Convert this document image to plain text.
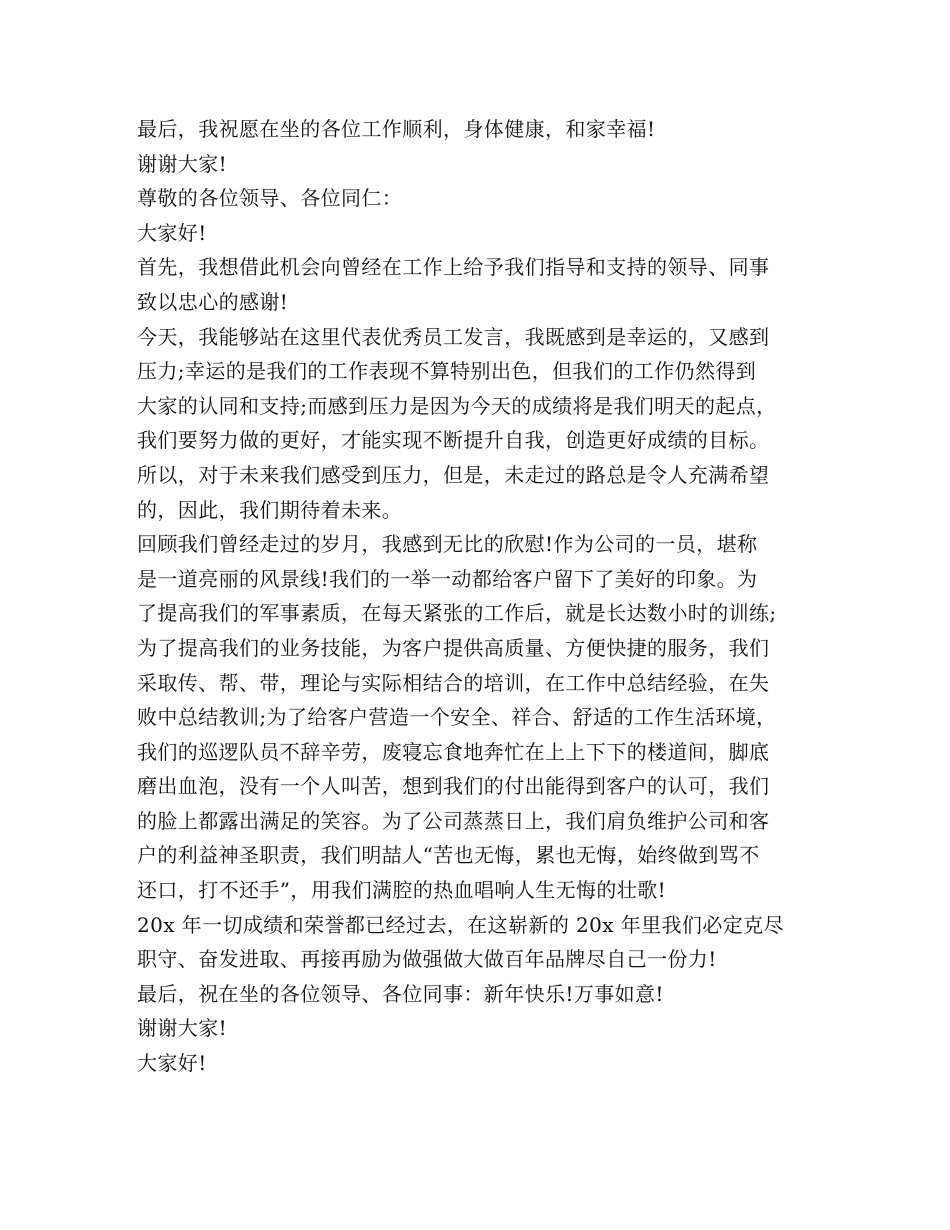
最后，我祝愿在坐的各位工作顺利，身体健康，和家幸福!
谢谢大家!
尊敬的各位领导、各位同仁：
大家好!
首先，我想借此机会向曾经在工作上给予我们指导和支持的领导、同事
致以忠心的感谢!
今天，我能够站在这里代表优秀员工发言，我既感到是幸运的，又感到
压力;幸运的是我们的工作表现不算特别出色，但我们的工作仍然得到
大家的认同和支持;而感到压力是因为今天的成绩将是我们明天的起点，
我们要努力做的更好，才能实现不断提升自我，创造更好成绩的目标。
所以，对于未来我们感受到压力，但是，未走过的路总是令人充满希望
的，因此，我们期待着未来。
回顾我们曾经走过的岁月，我感到无比的欣慰!作为公司的一员，堪称
是一道亮丽的风景线!我们的一举一动都给客户留下了美好的印象。为
了提高我们的军事素质，在每天紧张的工作后，就是长达数小时的训练;
为了提高我们的业务技能，为客户提供高质量、方便快捷的服务，我们
采取传、帮、带，理论与实际相结合的培训，在工作中总结经验，在失
败中总结教训;为了给客户营造一个安全、祥合、舒适的工作生活环境，
我们的巡逻队员不辞辛劳，废寝忘食地奔忙在上上下下的楼道间，脚底
磨出血泡，没有一个人叫苦，想到我们的付出能得到客户的认可，我们
的脸上都露出满足的笑容。为了公司蒸蒸日上，我们肩负维护公司和客
户的利益神圣职责，我们明喆人“苦也无悔，累也无悔，始终做到骂不
还口，打不还手”，用我们满腔的热血唱响人生无悔的壮歌!
20x 年一切成绩和荣誉都已经过去，在这崭新的 20x 年里我们必定克尽
职守、奋发进取、再接再励为做强做大做百年品牌尽自己一份力!
最后，祝在坐的各位领导、各位同事：新年快乐!万事如意!
谢谢大家!
大家好!
